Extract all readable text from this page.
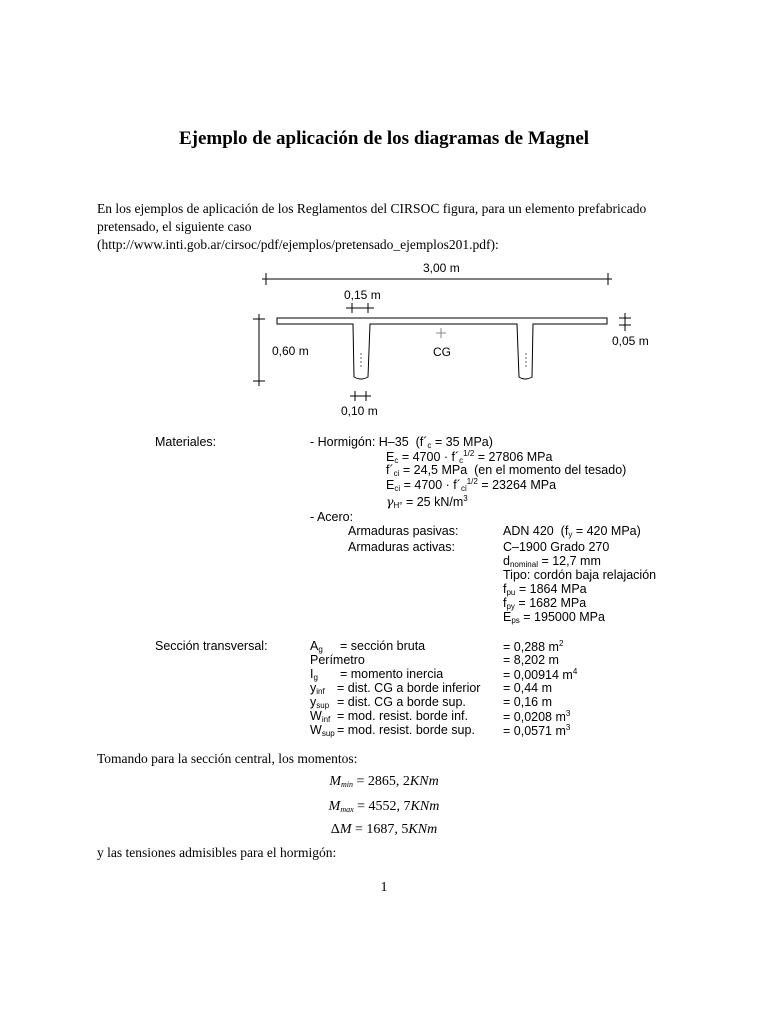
Ejemplo de aplicación de los diagramas de Magnel
En los ejemplos de aplicación de los Reglamentos del CIRSOC figura, para un elemento prefabricado
pretensado, el siguiente caso
(http://www.inti.gob.ar/cirsoc/pdf/ejemplos/pretensado_ejemplos201.pdf):
3,00 m
0,15 m
0,60 m	CG
0,05 m
0,10 m
Materiales:	- Hormigón: H–35  ($f´_c = 35$ MPa)
$E_c = 4700$ · $f´_c^{1/2} = 27806$ MPa
$f´_{ci} = 24,5$ MPa (en el momento del tesado)
$E_{ci} = 4700$ · $f´_{ci}^{1/2} = 23264$ MPa
$\gamma_{H^\circ} = 25$ $kN/m^3$
- Acero:
Armaduras pasivas:	ADN 420  ($f_y = 420$ MPa)
Armaduras activas:	C–1900 Grado 270
$d_{nominal} = 12,7$ mm
Tipo: cordón baja relajación
$f_{pu} = 1864$ MPa
$f_{py} = 1682$ MPa
$E_{ps} = 195000$ MPa
Sección transversal:	$A_g$ = sección bruta	= 0,288 $m^2$
Perímetro	= 8,202 m
$I_g$ = momento inercia	= 0,00914 $m^4$
$y_{inf}$ = dist. CG a borde inferior = 0,44 m
$y_{sup}$ = dist. CG a borde sup.	= 0,16 m
$W_{inf}$ = mod. resist. borde inf.	= 0,0208 $m^3$
$W_{sup}$ = mod. resist. borde sup. = 0,0571 $m^3$
Tomando para la sección central, los momentos:
$M_{min} = 2865$, 2KNm
$M_{max} = 4552$, 7KNm
ΔM = 1687, 5KNm
y las tensiones admisibles para el hormigón:
1
